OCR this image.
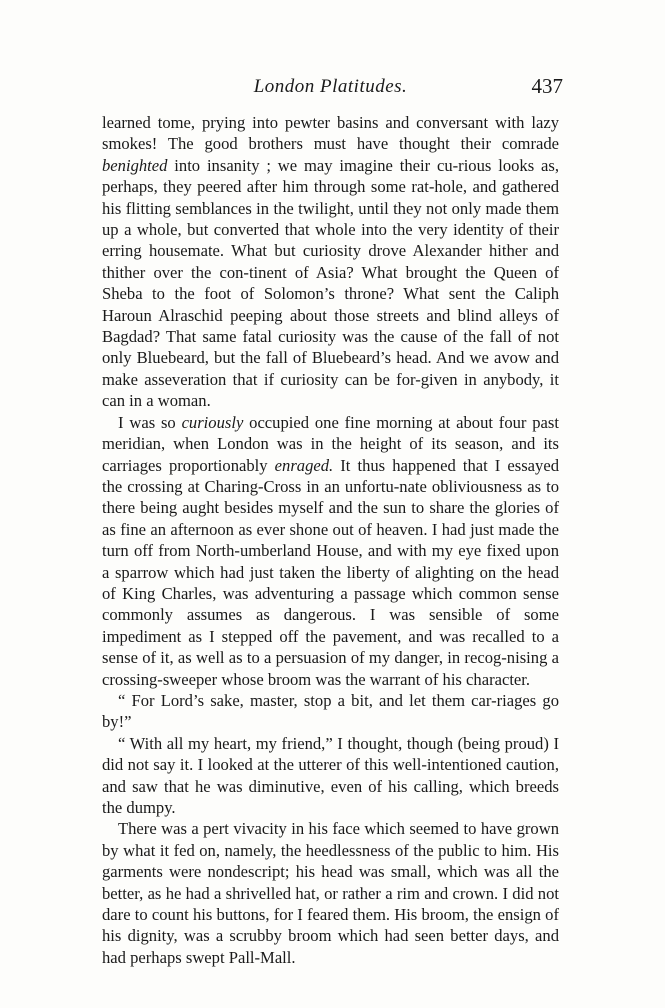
London Platitudes.	437

learned tome, prying into pewter basins and conversant with lazy smokes! The good brothers must have thought their comrade benighted into insanity ; we may imagine their cu-rious looks as, perhaps, they peered after him through some rat-hole, and gathered his flitting semblances in the twilight, until they not only made them up a whole, but converted that whole into the very identity of their erring housemate. What but curiosity drove Alexander hither and thither over the con-tinent of Asia? What brought the Queen of Sheba to the foot of Solomon’s throne? What sent the Caliph Haroun Alraschid peeping about those streets and blind alleys of Bagdad? That same fatal curiosity was the cause of the fall of not only Bluebeard, but the fall of Bluebeard’s head. And we avow and make asseveration that if curiosity can be for-given in anybody, it can in a woman.

I was so curiously occupied one fine morning at about four past meridian, when London was in the height of its season, and its carriages proportionably enraged. It thus happened that I essayed the crossing at Charing-Cross in an unfortu-nate obliviousness as to there being aught besides myself and the sun to share the glories of as fine an afternoon as ever shone out of heaven. I had just made the turn off from North-umberland House, and with my eye fixed upon a sparrow which had just taken the liberty of alighting on the head of King Charles, was adventuring a passage which common sense commonly assumes as dangerous. I was sensible of some impediment as I stepped off the pavement, and was recalled to a sense of it, as well as to a persuasion of my danger, in recog-nising a crossing-sweeper whose broom was the warrant of his character.

“ For Lord’s sake, master, stop a bit, and let them car-riages go by!”

“ With all my heart, my friend,” I thought, though (being proud) I did not say it. I looked at the utterer of this well-intentioned caution, and saw that he was diminutive, even of his calling, which breeds the dumpy.

There was a pert vivacity in his face which seemed to have grown by what it fed on, namely, the heedlessness of the public to him. His garments were nondescript; his head was small, which was all the better, as he had a shrivelled hat, or rather a rim and crown. I did not dare to count his buttons, for I feared them. His broom, the ensign of his dignity, was a scrubby broom which had seen better days, and had perhaps swept Pall-Mall.
